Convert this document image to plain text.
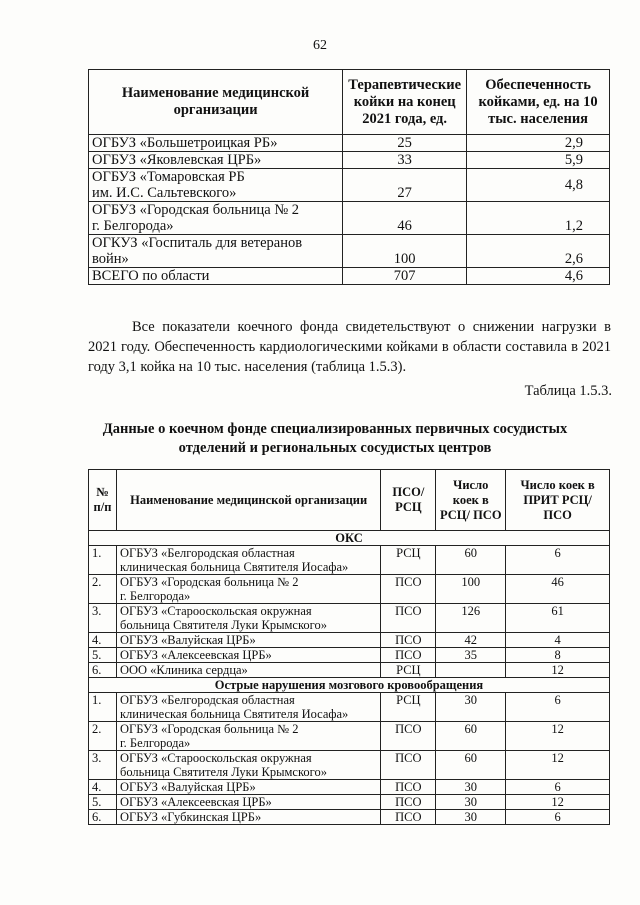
62
Наименование медицинской организации	Терапевтические койки на конец 2021 года, ед.	Обеспеченность койками, ед. на 10 тыс. населения
ОГБУЗ «Большетроицкая РБ»	25	2,9
ОГБУЗ «Яковлевская ЦРБ»	33	5,9
ОГБУЗ «Томаровская РБ
им. И.С. Сальтевского»	27	4,8
ОГБУЗ «Городская больница № 2
г. Белгорода»	46	1,2
ОГКУЗ «Госпиталь для ветеранов
войн»	100	2,6
ВСЕГО по области	707	4,6

Все показатели коечного фонда свидетельствуют о снижении нагрузки в 2021 году. Обеспеченность кардиологическими койками в области составила в 2021 году 3,1 койка на 10 тыс. населения (таблица 1.5.3).

Таблица 1.5.3.
Данные о коечном фонде специализированных первичных сосудистых
отделений и региональных сосудистых центров
№ п/п	Наименование медицинской организации	ПСО/ РСЦ	Число коек в РСЦ/ ПСО	Число коек в ПРИТ РСЦ/ПСО
ОКС				
1.	ОГБУЗ «Белгородская областная
клиническая больница Святителя Иосафа»	РСЦ	60	6
2.	ОГБУЗ «Городская больница № 2
г. Белгорода»	ПСО	100	46
3.	ОГБУЗ «Старооскольская окружная
больница Святителя Луки Крымского»	ПСО	126	61
4.	ОГБУЗ «Валуйская ЦРБ»	ПСО	42	4
5.	ОГБУЗ «Алексеевская ЦРБ»	ПСО	35	8
6.	ООО «Клиника сердца»	РСЦ		12
Острые нарушения мозгового кровообращения				
1.	ОГБУЗ «Белгородская областная
клиническая больница Святителя Иосафа»	РСЦ	30	6
2.	ОГБУЗ «Городская больница № 2
г. Белгорода»	ПСО	60	12
3.	ОГБУЗ «Старооскольская окружная
больница Святителя Луки Крымского»	ПСО	60	12
4.	ОГБУЗ «Валуйская ЦРБ»	ПСО	30	6
5.	ОГБУЗ «Алексеевская ЦРБ»	ПСО	30	12
6.	ОГБУЗ «Губкинская ЦРБ»	ПСО	30	6
